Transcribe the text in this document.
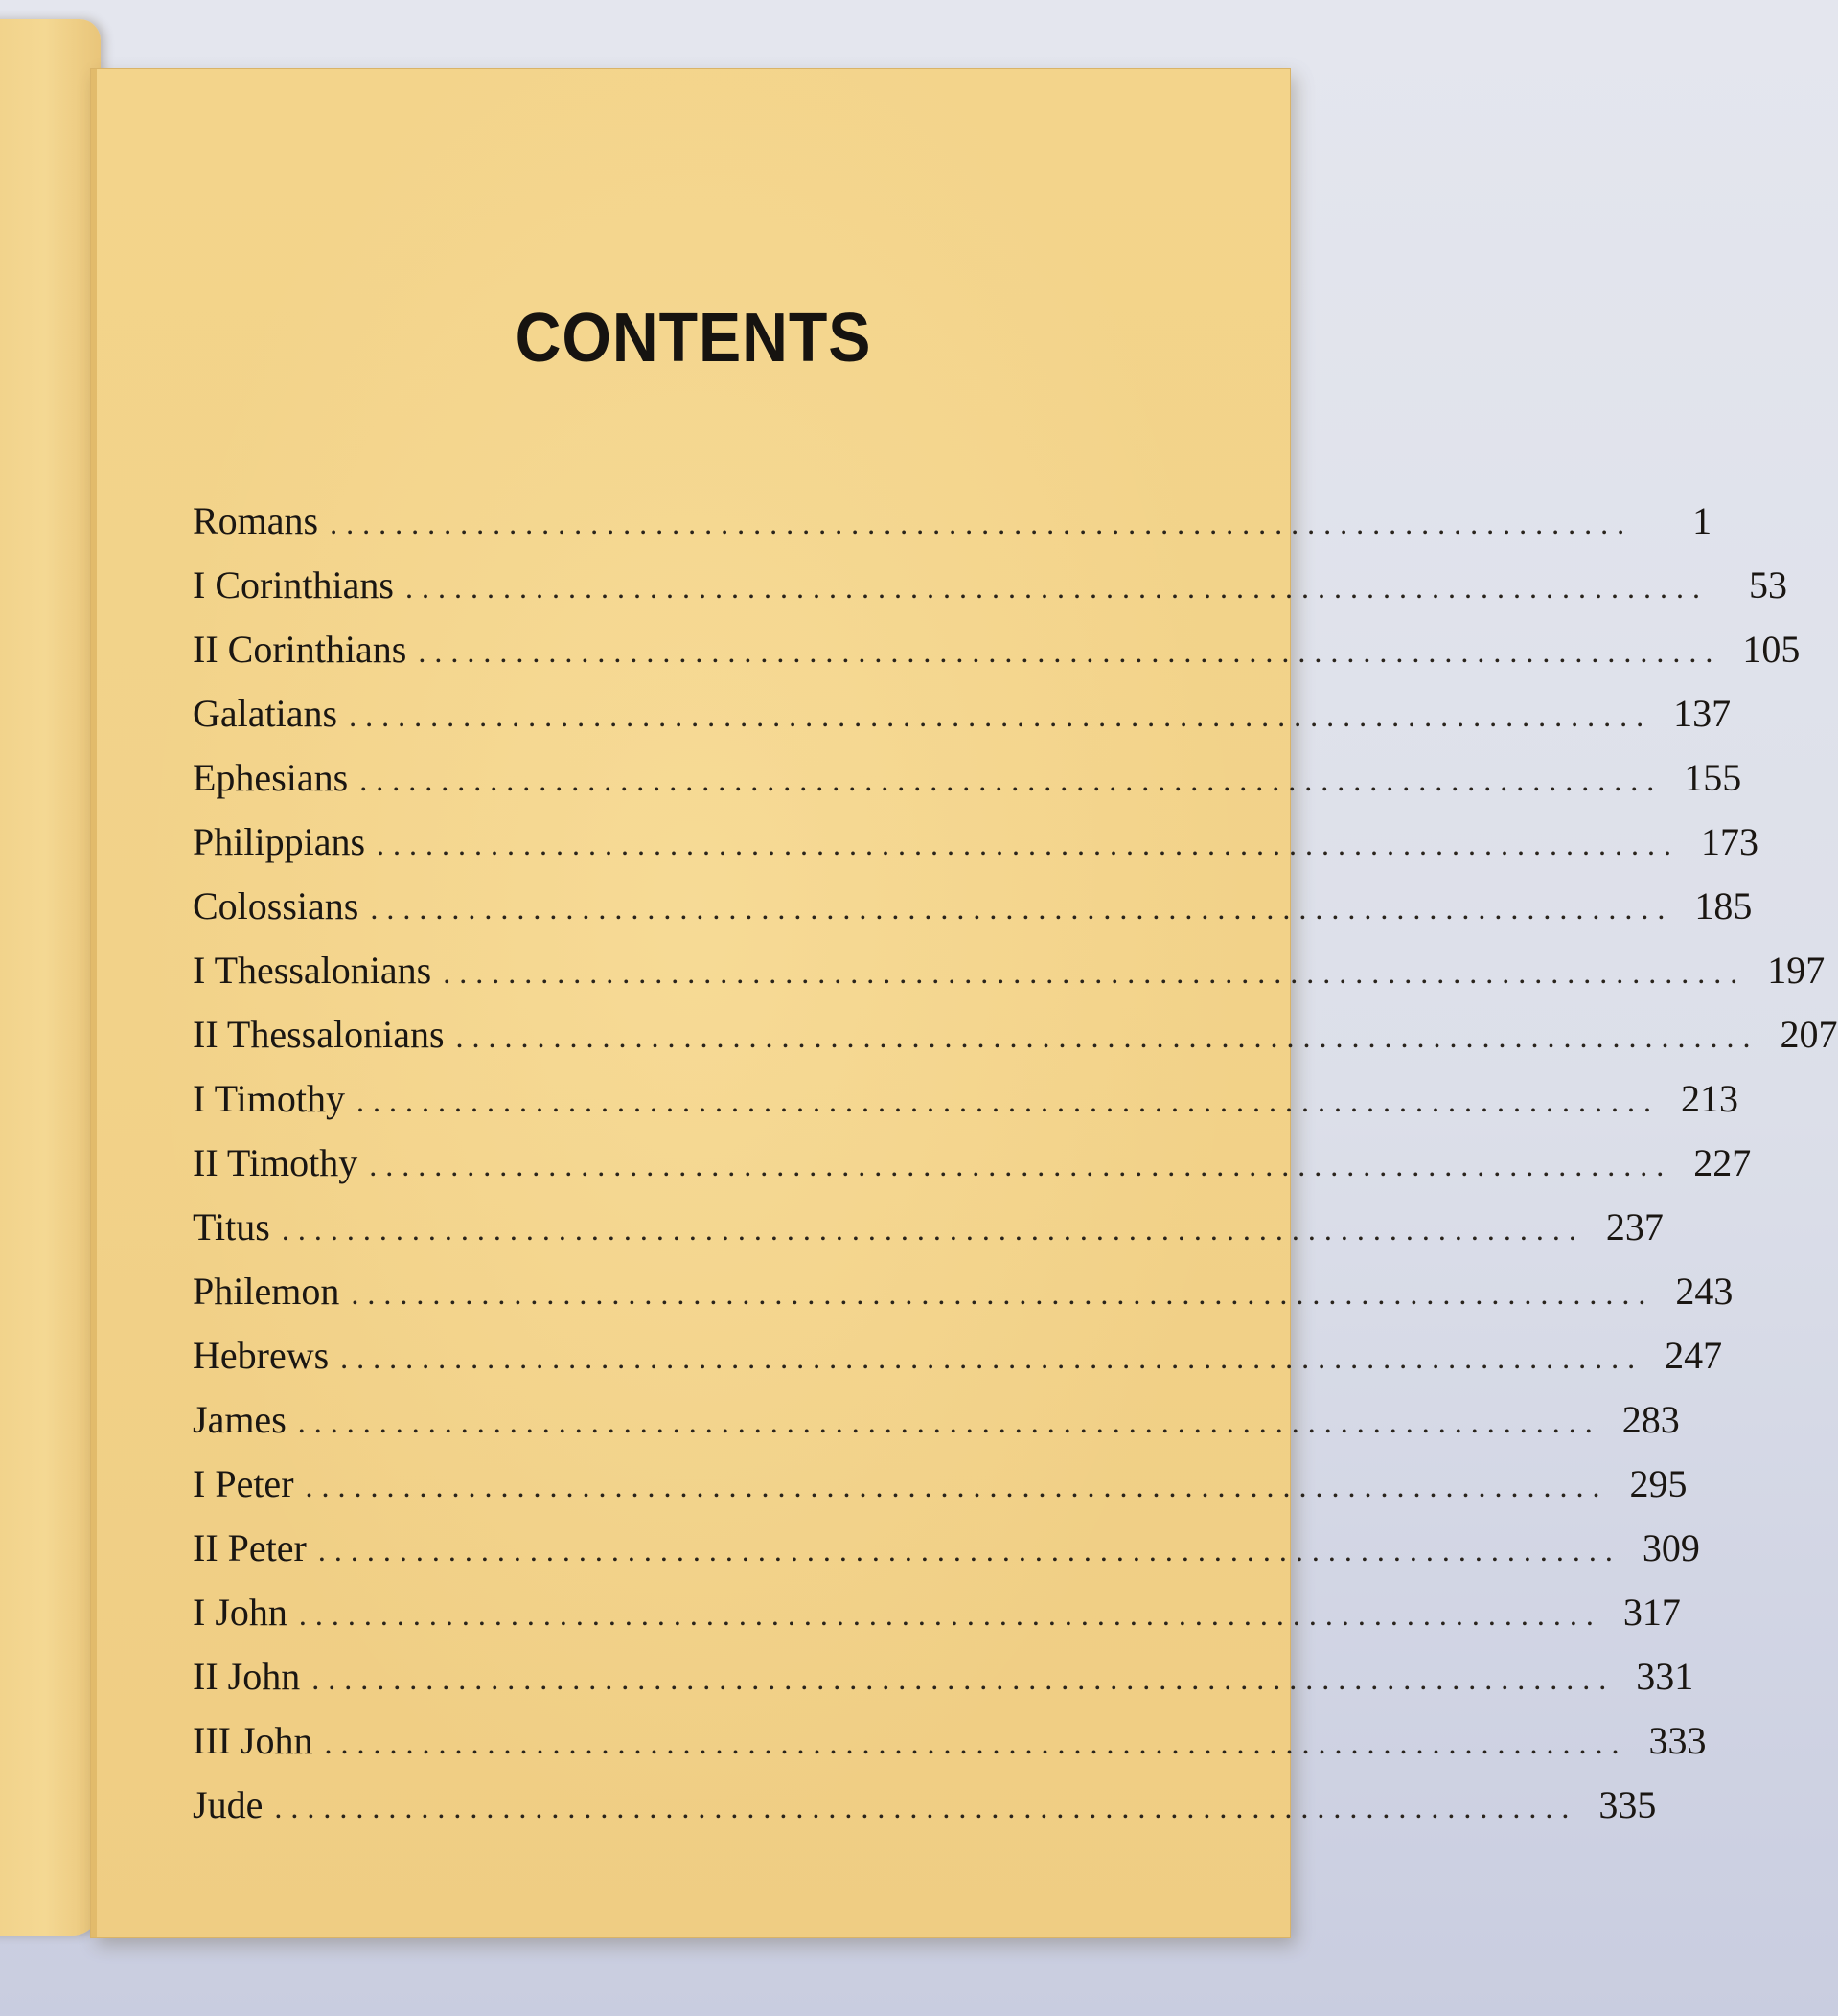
CONTENTS
Romans ................................................................................	1
I Corinthians ................................................................................	53
II Corinthians ................................................................................ 105
Galatians ................................................................................ 137
Ephesians ................................................................................ 155
Philippians ................................................................................ 173
Colossians ................................................................................ 185
I Thessalonians ................................................................................ 197
II Thessalonians ................................................................................ 207
I Timothy ................................................................................ 213
II Timothy ................................................................................ 227
Titus ................................................................................ 237
Philemon ................................................................................ 243
Hebrews ................................................................................ 247
James ................................................................................ 283
I Peter ................................................................................ 295
II Peter ................................................................................ 309
I John ................................................................................ 317
II John ................................................................................ 331
III John ................................................................................ 333
Jude ................................................................................ 335
